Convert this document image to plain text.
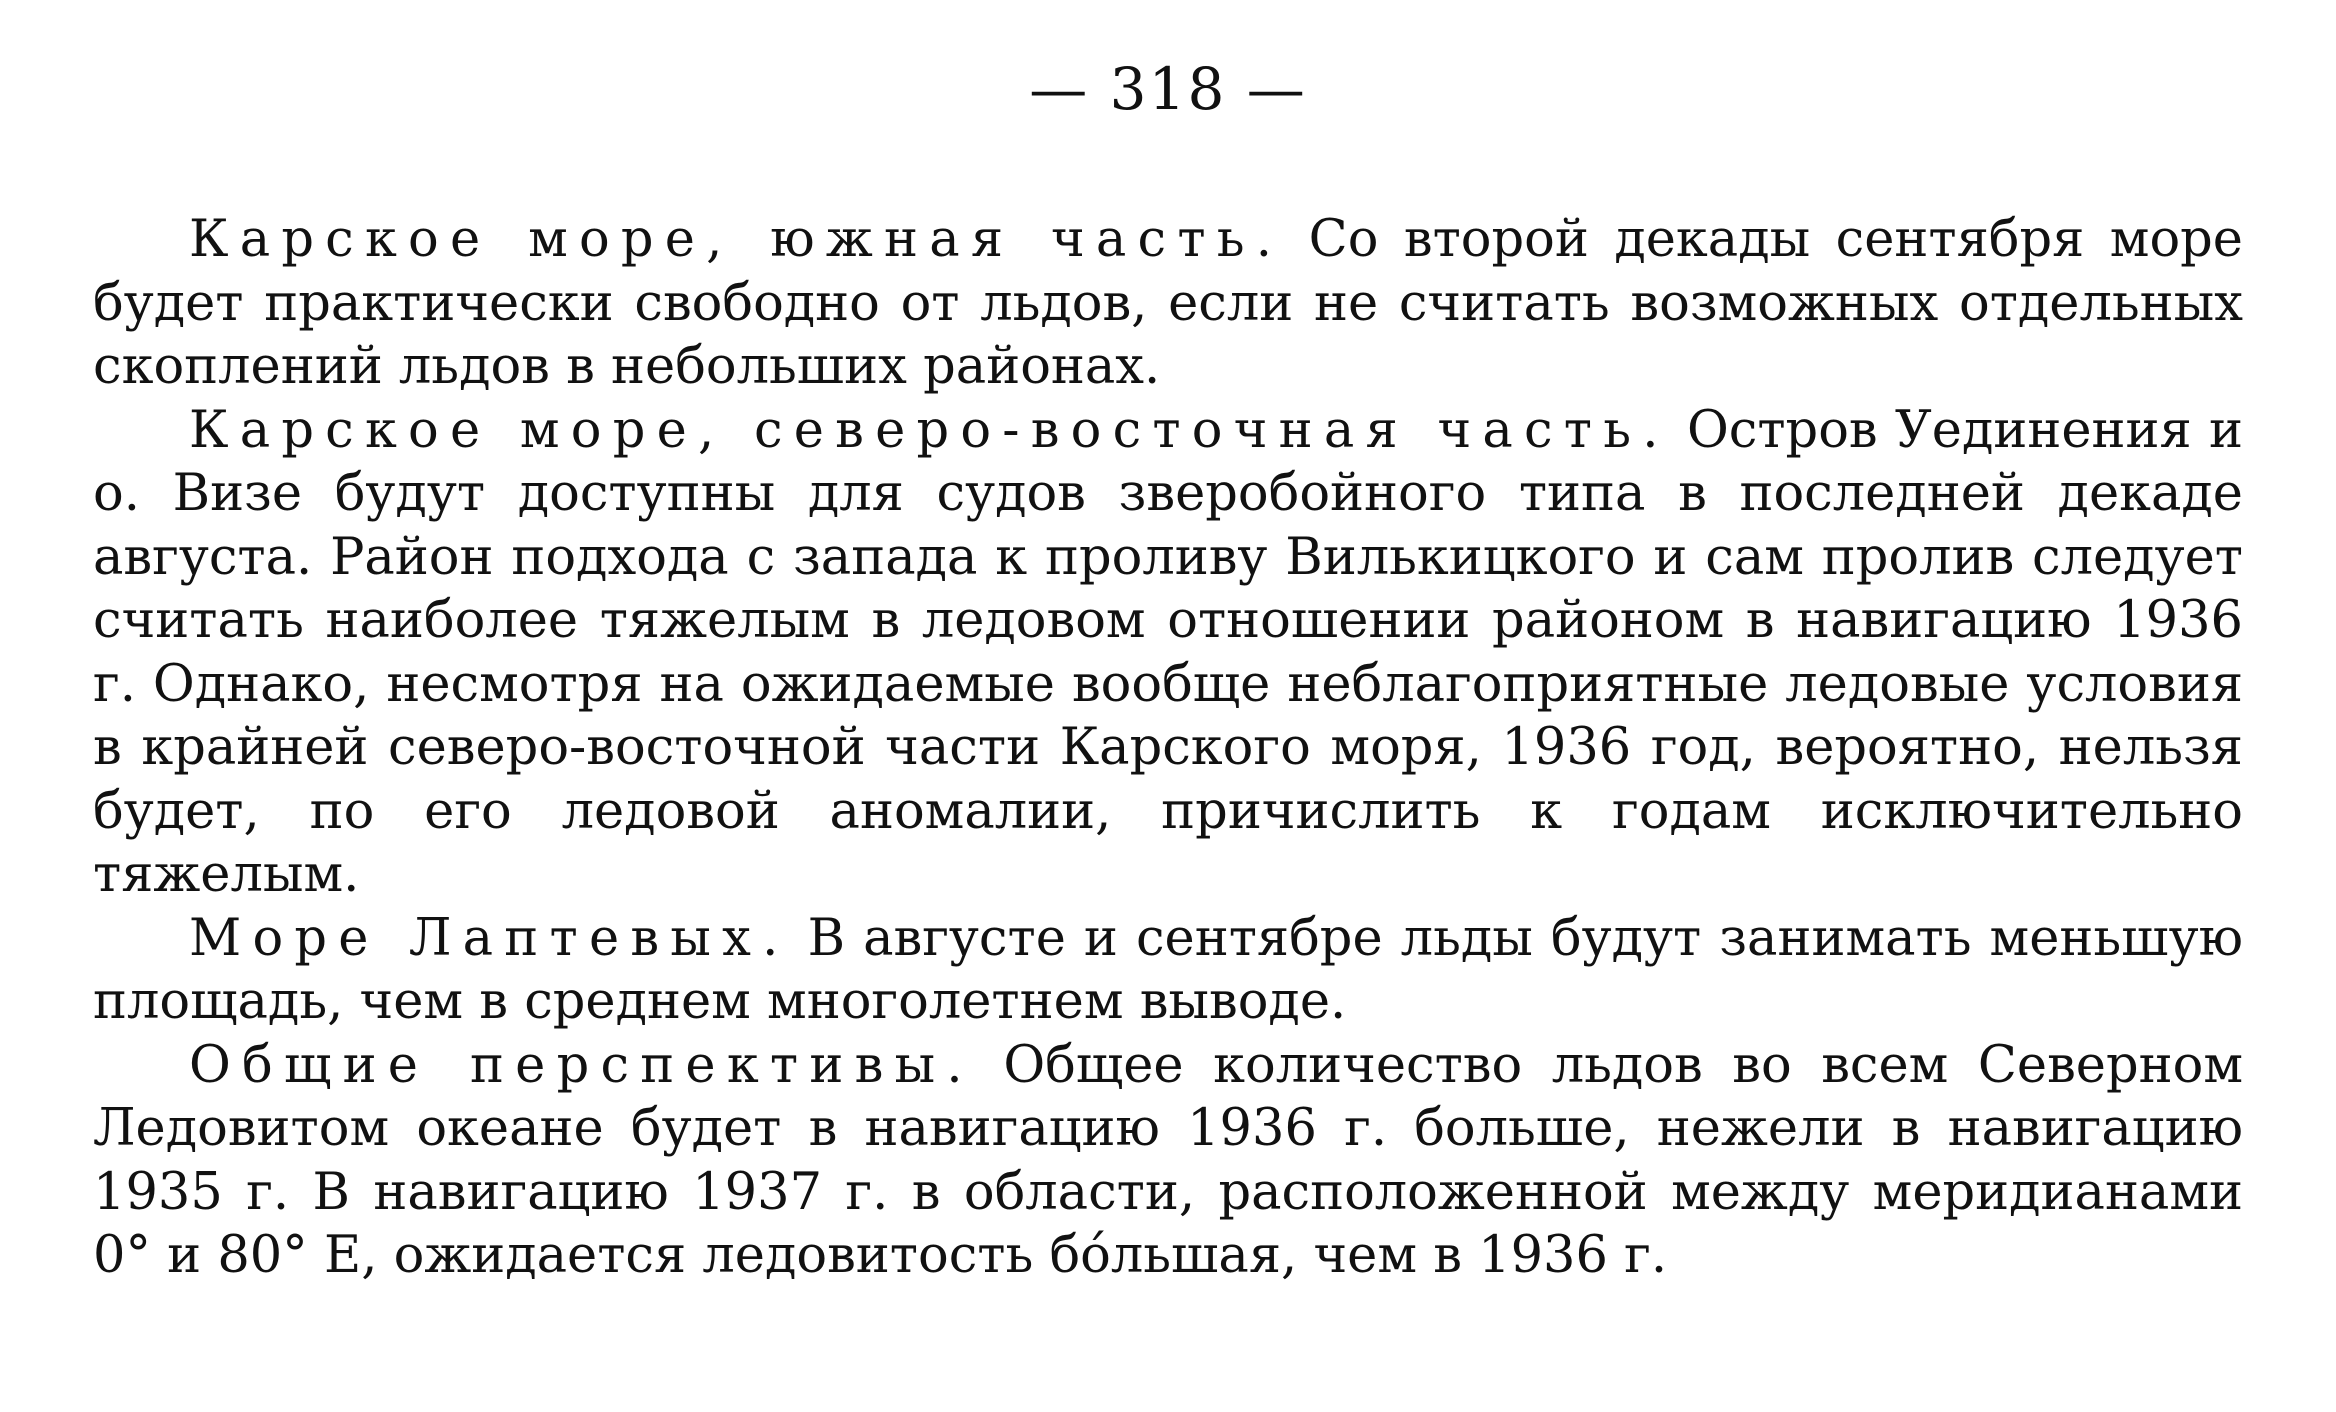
— 318 —

Карское море, южная часть. Со второй декады сентября море будет практически свободно от льдов, если не считать возможных отдельных скоплений льдов в небольших районах.

Карское море, северо-восточная часть. Остров Уединения и о. Визе будут доступны для судов зверобойного типа в последней декаде августа. Район подхода с запада к проливу Вилькицкого и сам пролив следует считать наиболее тяжелым в ледовом отношении районом в навигацию 1936 г. Однако, несмотря на ожидаемые вообще неблагоприятные ледовые условия в крайней северо-восточной части Карского моря, 1936 год, вероятно, нельзя будет, по его ледовой аномалии, причислить к годам исключительно тяжелым.

Море Лаптевых. В августе и сентябре льды будут занимать меньшую площадь, чем в среднем многолетнем выводе.

Общие перспективы. Общее количество льдов во всем Северном Ледовитом океане будет в навигацию 1936 г. больше, нежели в навигацию 1935 г. В навигацию 1937 г. в области, расположенной между меридианами 0° и 80° Е, ожидается ледовитость бóльшая, чем в 1936 г.
